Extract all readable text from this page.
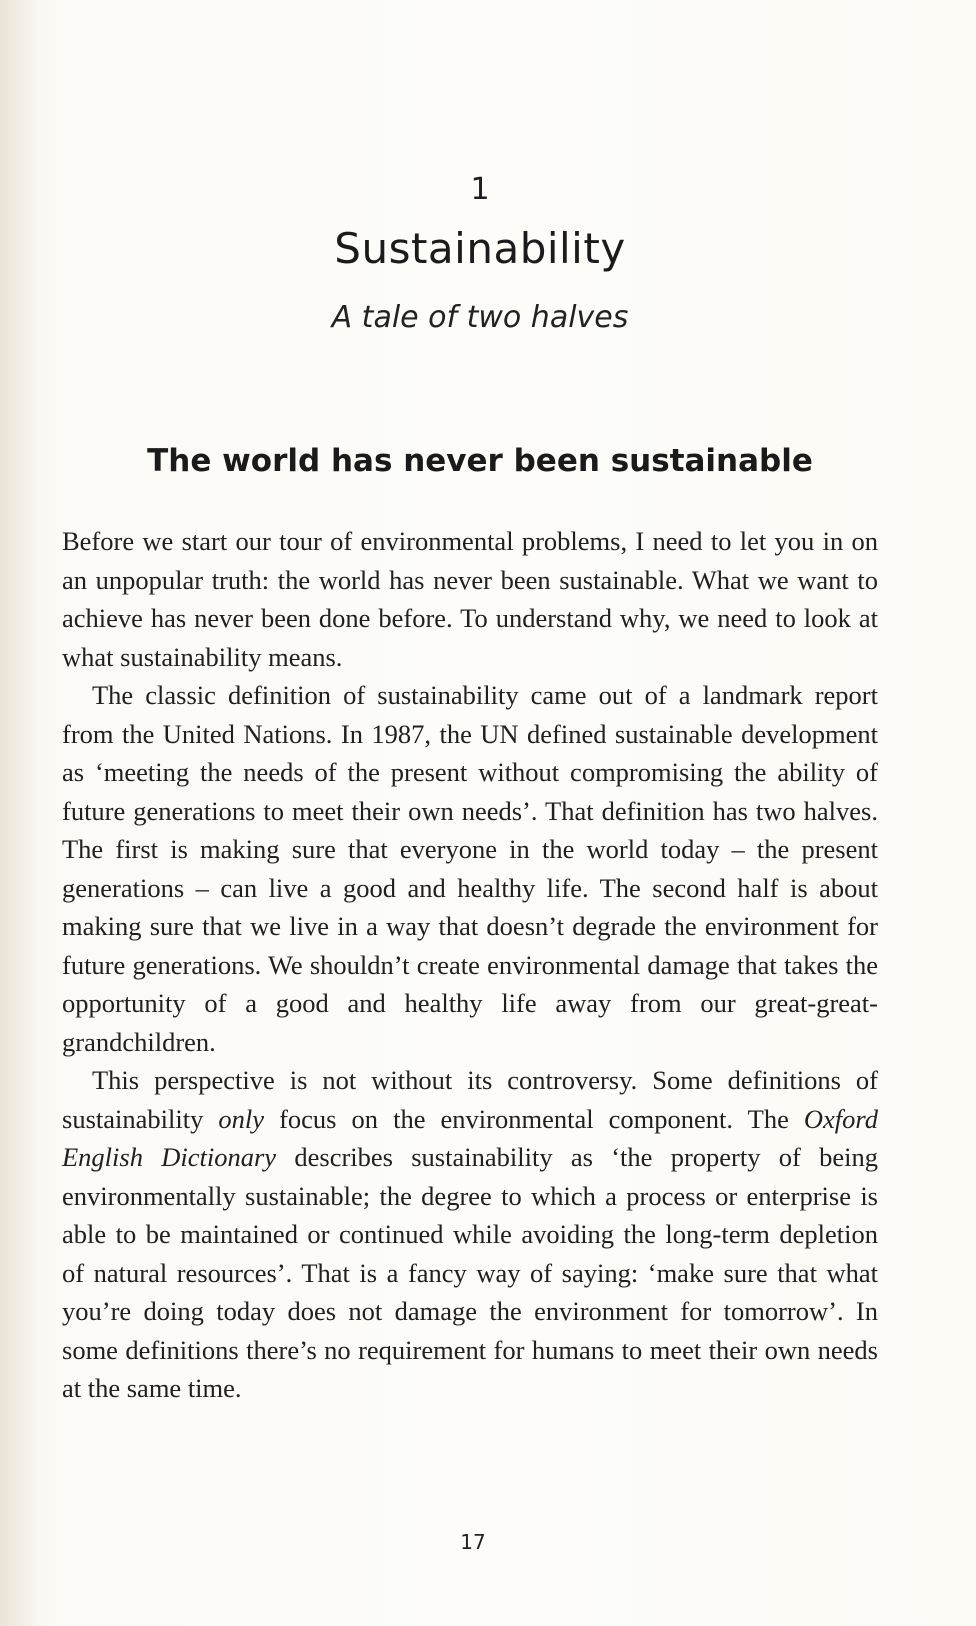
1
Sustainability
A tale of two halves
The world has never been sustainable

Before we start our tour of environmental problems, I need to let you in on an unpopular truth: the world has never been sustainable. What we want to achieve has never been done before. To understand why, we need to look at what sustainability means.

The classic definition of sustainability came out of a landmark report from the United Nations. In 1987, the UN defined sustainable development as ‘meeting the needs of the present without compromising the ability of future generations to meet their own needs’. That definition has two halves. The first is making sure that everyone in the world today – the present generations – can live a good and healthy life. The second half is about making sure that we live in a way that doesn’t degrade the environment for future generations. We shouldn’t create environmental damage that takes the opportunity of a good and healthy life away from our great-great-grandchildren.

This perspective is not without its controversy. Some definitions of sustainability only focus on the environmental component. The Oxford English Dictionary describes sustainability as ‘the property of being environmentally sustainable; the degree to which a process or enterprise is able to be maintained or continued while avoiding the long-term depletion of natural resources’. That is a fancy way of saying: ‘make sure that what you’re doing today does not damage the environment for tomorrow’. In some definitions there’s no requirement for humans to meet their own needs at the same time.

17
